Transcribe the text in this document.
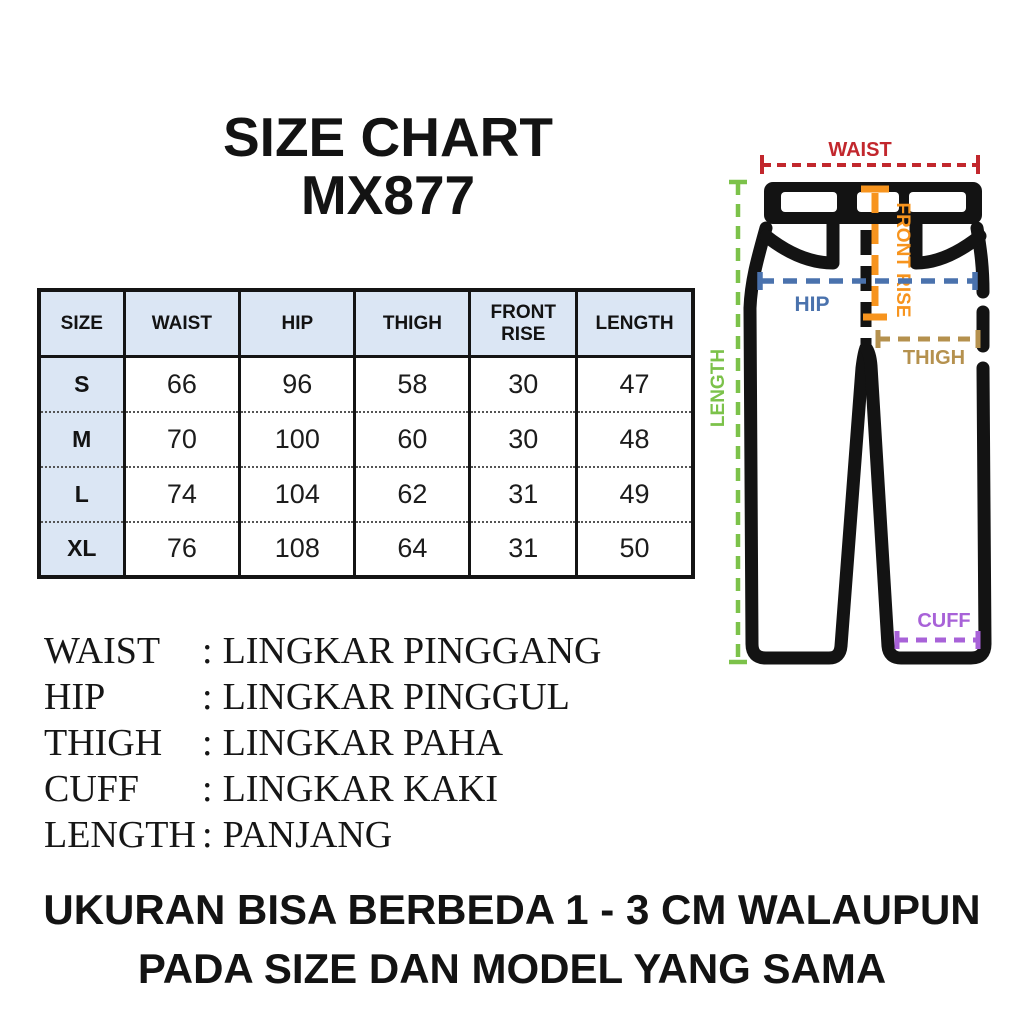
SIZE CHART
MX877
SIZE	WAIST	HIP	THIGH	FRONT RISE	LENGTH
S	66	96	58	30	47
M	70	100	60	30	48
L	74	104	62	31	49
XL	76	108	64	31	50
WAIST
FRONT RISE
HIP
THIGH
LENGTH
CUFF
WAIST : LINGKAR PINGGANG
HIP	: LINGKAR PINGGUL
THIGH : LINGKAR PAHA
CUFF : LINGKAR KAKI
LENGTH : PANJANG
UKURAN BISA BERBEDA 1 - 3 CM WALAUPUN
PADA SIZE DAN MODEL YANG SAMA
